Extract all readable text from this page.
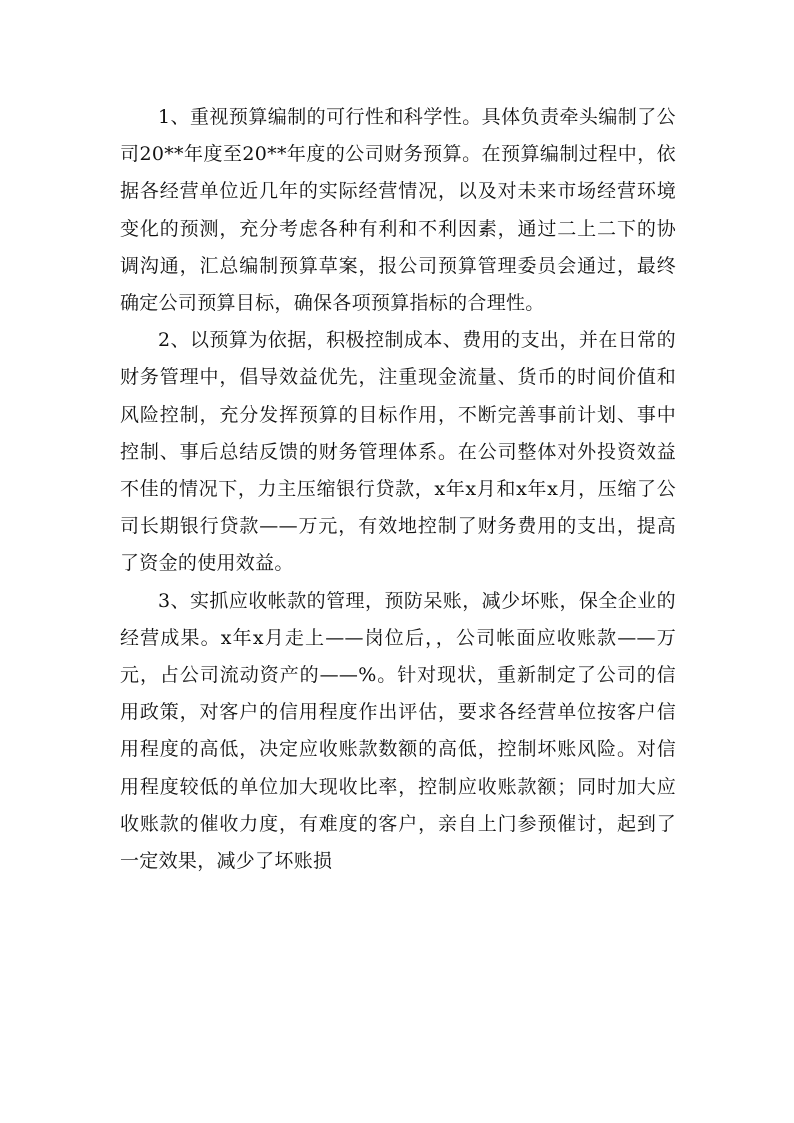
1、重视预算编制的可行性和科学性。具体负责牵头编制了公司20**年度至20**年度的公司财务预算。在预算编制过程中，依据各经营单位近几年的实际经营情况，以及对未来市场经营环境变化的预测，充分考虑各种有利和不利因素，通过二上二下的协调沟通，汇总编制预算草案，报公司预算管理委员会通过，最终确定公司预算目标，确保各项预算指标的合理性。

2、以预算为依据，积极控制成本、费用的支出，并在日常的财务管理中，倡导效益优先，注重现金流量、货币的时间价值和风险控制，充分发挥预算的目标作用，不断完善事前计划、事中控制、事后总结反馈的财务管理体系。在公司整体对外投资效益不佳的情况下，力主压缩银行贷款，x年x月和x年x月，压缩了公司长期银行贷款——万元，有效地控制了财务费用的支出，提高了资金的使用效益。

3、实抓应收帐款的管理，预防呆账，减少坏账，保全企业的经营成果。x年x月走上——岗位后，，公司帐面应收账款——万元，占公司流动资产的——%。针对现状，重新制定了公司的信用政策，对客户的信用程度作出评估，要求各经营单位按客户信用程度的高低，决定应收账款数额的高低，控制坏账风险。对信用程度较低的单位加大现收比率，控制应收账款额；同时加大应收账款的催收力度，有难度的客户，亲自上门参预催讨，起到了一定效果，减少了坏账损
